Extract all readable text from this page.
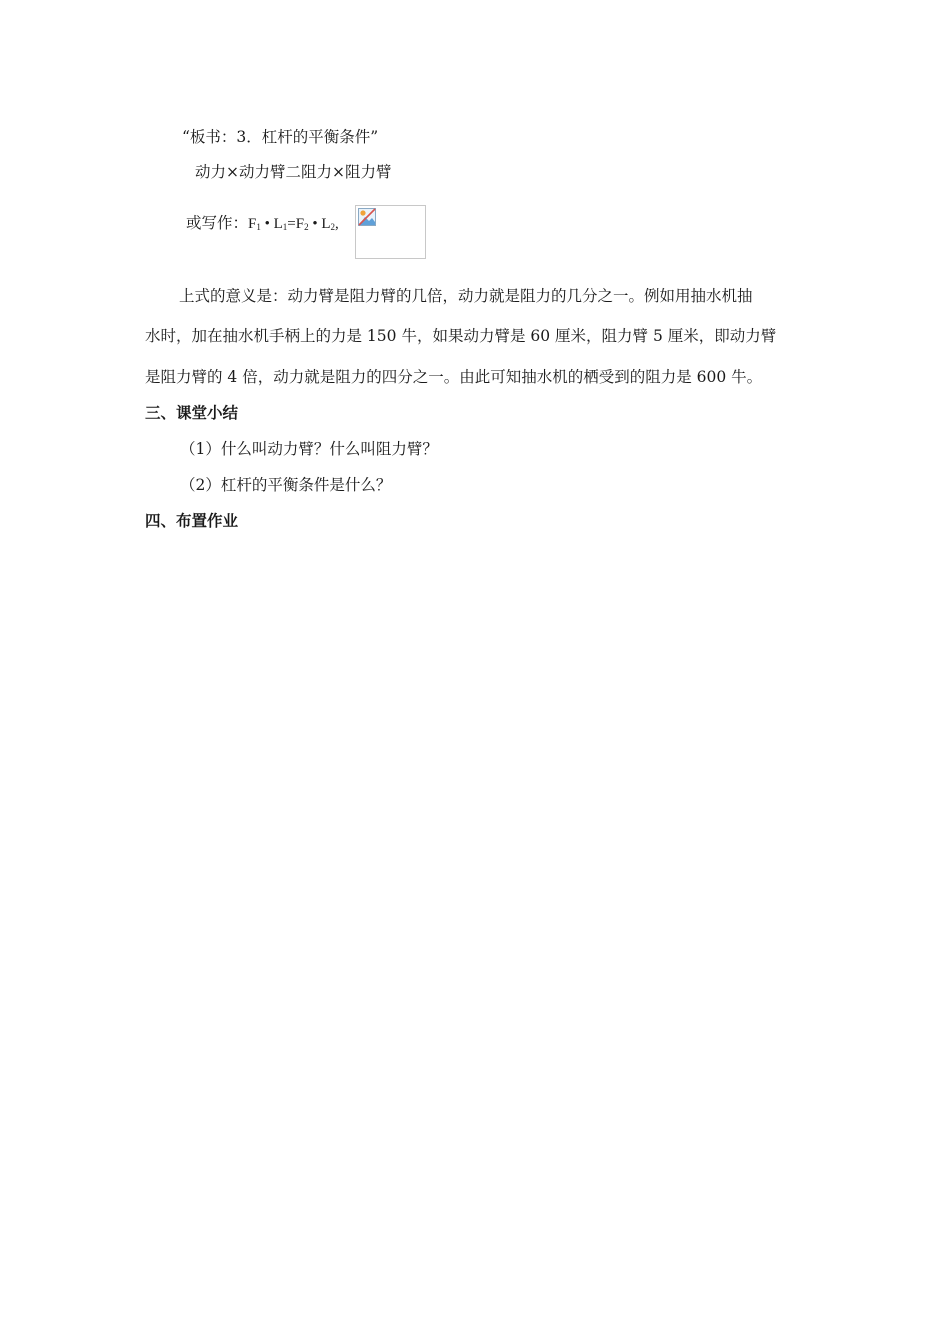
“板书：3．杠杆的平衡条件”
动力×动力臂二阻力×阻力臂
或写作：$F_1$ • $L_1=F_2$ • $L_2$,
上式的意义是：动力臂是阻力臂的几倍，动力就是阻力的几分之一。例如用抽水机抽
水时，加在抽水机手柄上的力是 150 牛，如果动力臂是 60 厘米，阻力臂 5 厘米，即动力臂
是阻力臂的 4 倍，动力就是阻力的四分之一。由此可知抽水机的栖受到的阻力是 600 牛。
三、课堂小结
（1）什么叫动力臂？什么叫阻力臂？
（2）杠杆的平衡条件是什么？
四、布置作业
